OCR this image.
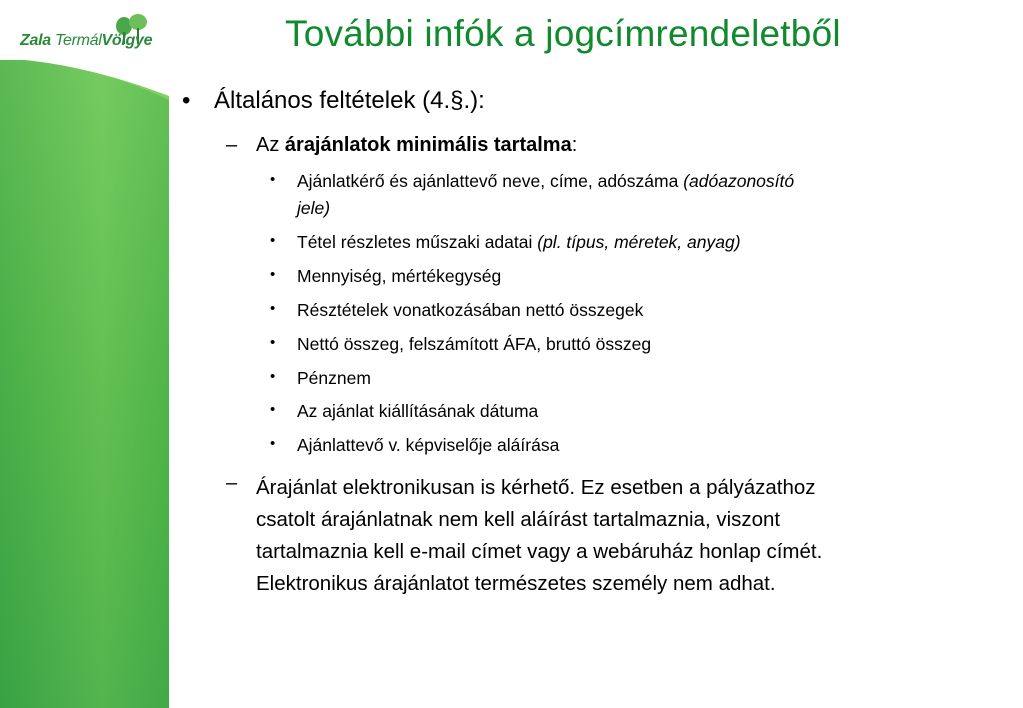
Zala TermálVölgye	További infók a jogcímrendeletből
• Általános feltételek (4.§.):
– Az árajánlatok minimális tartalma:
• Ajánlatkérő és ajánlattevő neve, címe, adószáma (adóazonosító
jele)
• Tétel részletes műszaki adatai (pl. típus, méretek, anyag)
• Mennyiség, mértékegység
• Résztételek vonatkozásában nettó összegek
• Nettó összeg, felszámított ÁFA, bruttó összeg
• Pénznem
• Az ajánlat kiállításának dátuma
• Ajánlattevő v. képviselője aláírása
– Árajánlat elektronikusan is kérhető. Ez esetben a pályázathoz
csatolt árajánlatnak nem kell aláírást tartalmaznia, viszont
tartalmaznia kell e-mail címet vagy a webáruház honlap címét.
Elektronikus árajánlatot természetes személy nem adhat.
